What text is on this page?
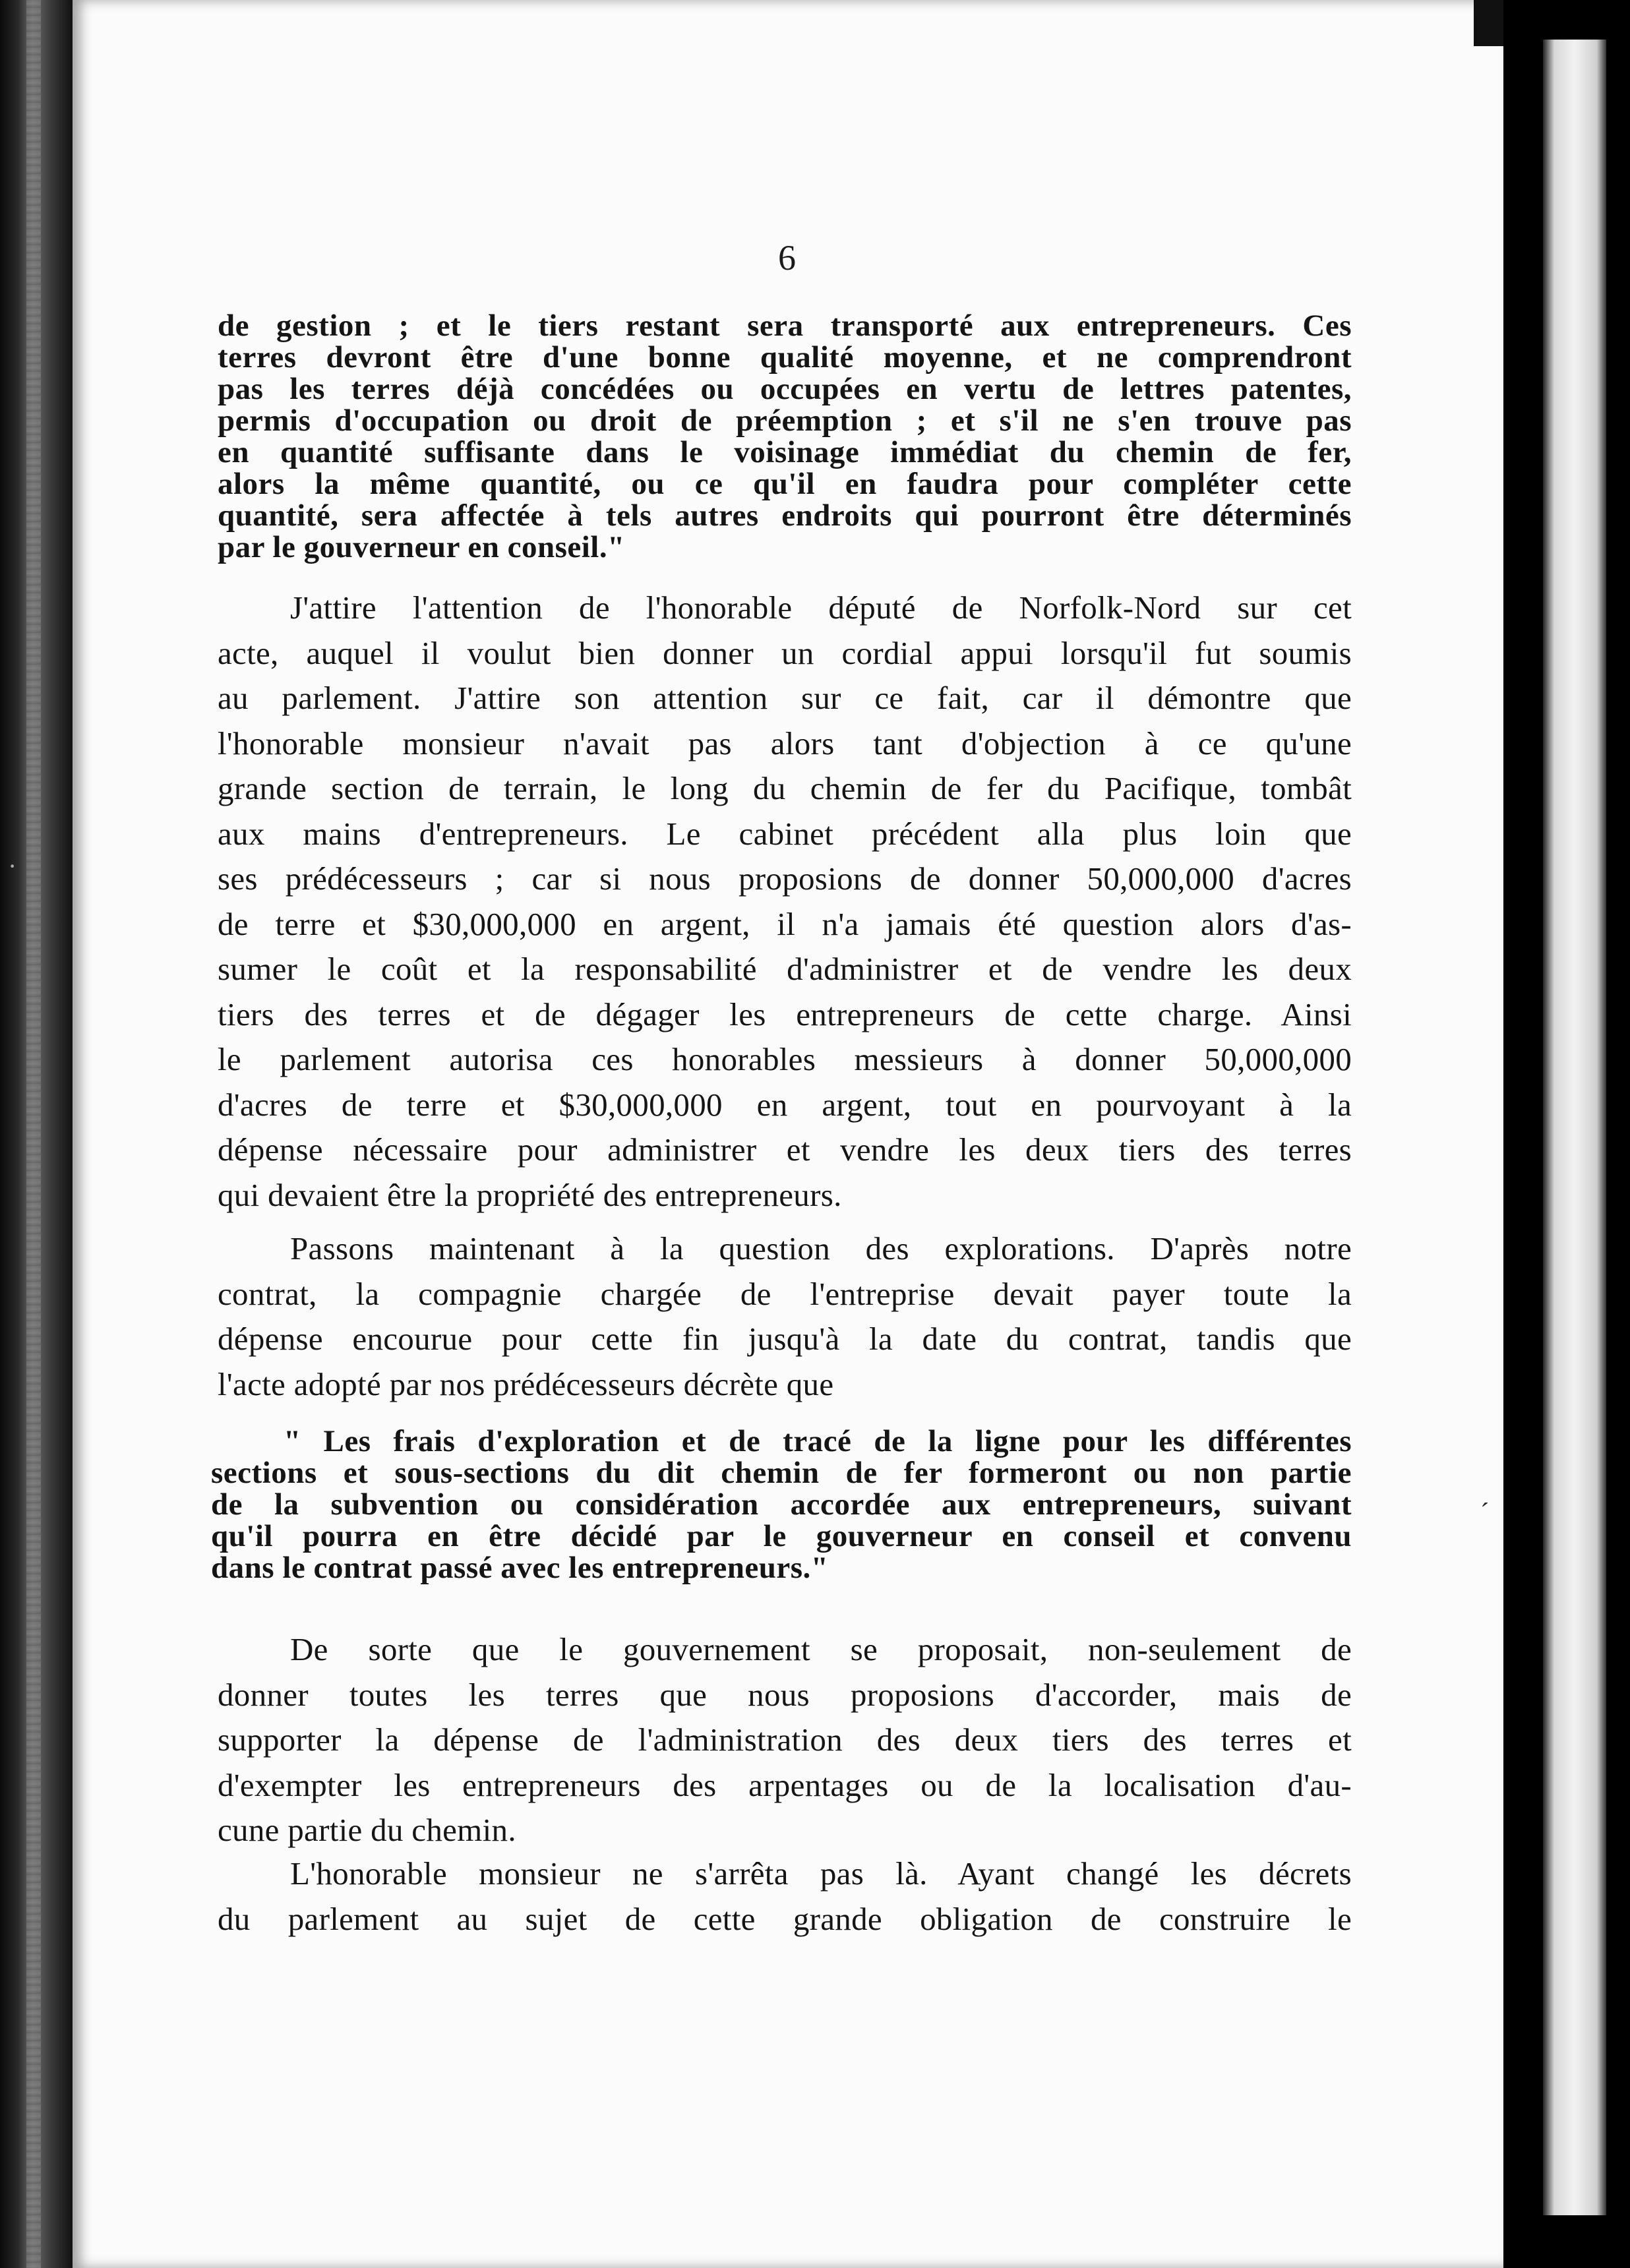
6
de gestion ; et le tiers restant sera transporté aux entrepreneurs. Ces
terres devront être d'une bonne qualité moyenne, et ne comprendront
pas les terres déjà concédées ou occupées en vertu de lettres patentes,
permis d'occupation ou droit de préemption ; et s'il ne s'en trouve pas
en quantité suffisante dans le voisinage immédiat du chemin de fer,
alors la même quantité, ou ce qu'il en faudra pour compléter cette
quantité, sera affectée à tels autres endroits qui pourront être déterminés
par le gouverneur en conseil."
J'attire l'attention de l'honorable député de Norfolk-Nord sur cet
acte, auquel il voulut bien donner un cordial appui lorsqu'il fut soumis
au parlement. J'attire son attention sur ce fait, car il démontre que
l'honorable monsieur n'avait pas alors tant d'objection à ce qu'une
grande section de terrain, le long du chemin de fer du Pacifique, tombât
aux mains d'entrepreneurs. Le cabinet précédent alla plus loin que
ses prédécesseurs ; car si nous proposions de donner 50,000,000 d'acres
de terre et $30,000,000 en argent, il n'a jamais été question alors d'as-
sumer le coût et la responsabilité d'administrer et de vendre les deux
tiers des terres et de dégager les entrepreneurs de cette charge. Ainsi
le parlement autorisa ces honorables messieurs à donner 50,000,000
d'acres de terre et $30,000,000 en argent, tout en pourvoyant à la
dépense nécessaire pour administrer et vendre les deux tiers des terres
qui devaient être la propriété des entrepreneurs.
Passons maintenant à la question des explorations. D'après notre
contrat, la compagnie chargée de l'entreprise devait payer toute la
dépense encourue pour cette fin jusqu'à la date du contrat, tandis que
l'acte adopté par nos prédécesseurs décrète que
" Les frais d'exploration et de tracé de la ligne pour les différentes
sections et sous-sections du dit chemin de fer formeront ou non partie
de la subvention ou considération accordée aux entrepreneurs, suivant
qu'il pourra en être décidé par le gouverneur en conseil et convenu
dans le contrat passé avec les entrepreneurs."
De sorte que le gouvernement se proposait, non-seulement de
donner toutes les terres que nous proposions d'accorder, mais de
supporter la dépense de l'administration des deux tiers des terres et
d'exempter les entrepreneurs des arpentages ou de la localisation d'au-
cune partie du chemin.
L'honorable monsieur ne s'arrêta pas là. Ayant changé les décrets
du parlement au sujet de cette grande obligation de construire le
ˊ
·
